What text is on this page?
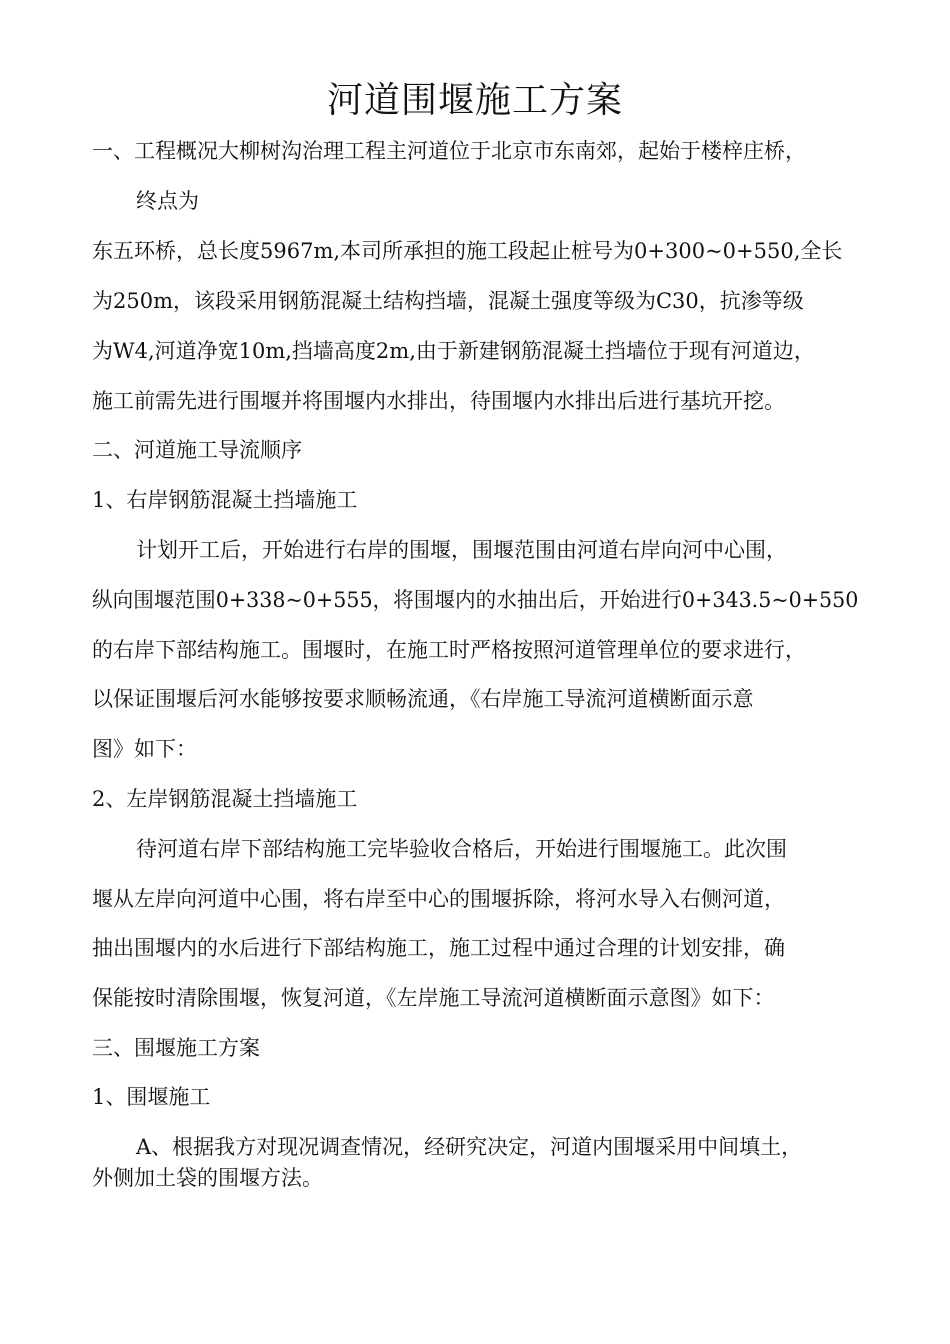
河道围堰施工方案
一、工程概况大柳树沟治理工程主河道位于北京市东南郊，起始于楼梓庄桥，
终点为
东五环桥，总长度5967m,本司所承担的施工段起止桩号为0+300~0+550,全长
为250m，该段采用钢筋混凝土结构挡墙，混凝土强度等级为C30，抗渗等级
为W4,河道净宽10m,挡墙高度2m,由于新建钢筋混凝土挡墙位于现有河道边，
施工前需先进行围堰并将围堰内水排出，待围堰内水排出后进行基坑开挖。
二、河道施工导流顺序
1、右岸钢筋混凝土挡墙施工
计划开工后，开始进行右岸的围堰，围堰范围由河道右岸向河中心围，
纵向围堰范围0+338~0+555，将围堰内的水抽出后，开始进行0+343.5~0+550
的右岸下部结构施工。围堰时，在施工时严格按照河道管理单位的要求进行，
以保证围堰后河水能够按要求顺畅流通，《右岸施工导流河道横断面示意
图》如下：
2、左岸钢筋混凝土挡墙施工
待河道右岸下部结构施工完毕验收合格后，开始进行围堰施工。此次围
堰从左岸向河道中心围，将右岸至中心的围堰拆除，将河水导入右侧河道，
抽出围堰内的水后进行下部结构施工，施工过程中通过合理的计划安排，确
保能按时清除围堰，恢复河道，《左岸施工导流河道横断面示意图》如下：
三、围堰施工方案
1、围堰施工
A、根据我方对现况调查情况，经研究决定，河道内围堰采用中间填土，
外侧加土袋的围堰方法。
